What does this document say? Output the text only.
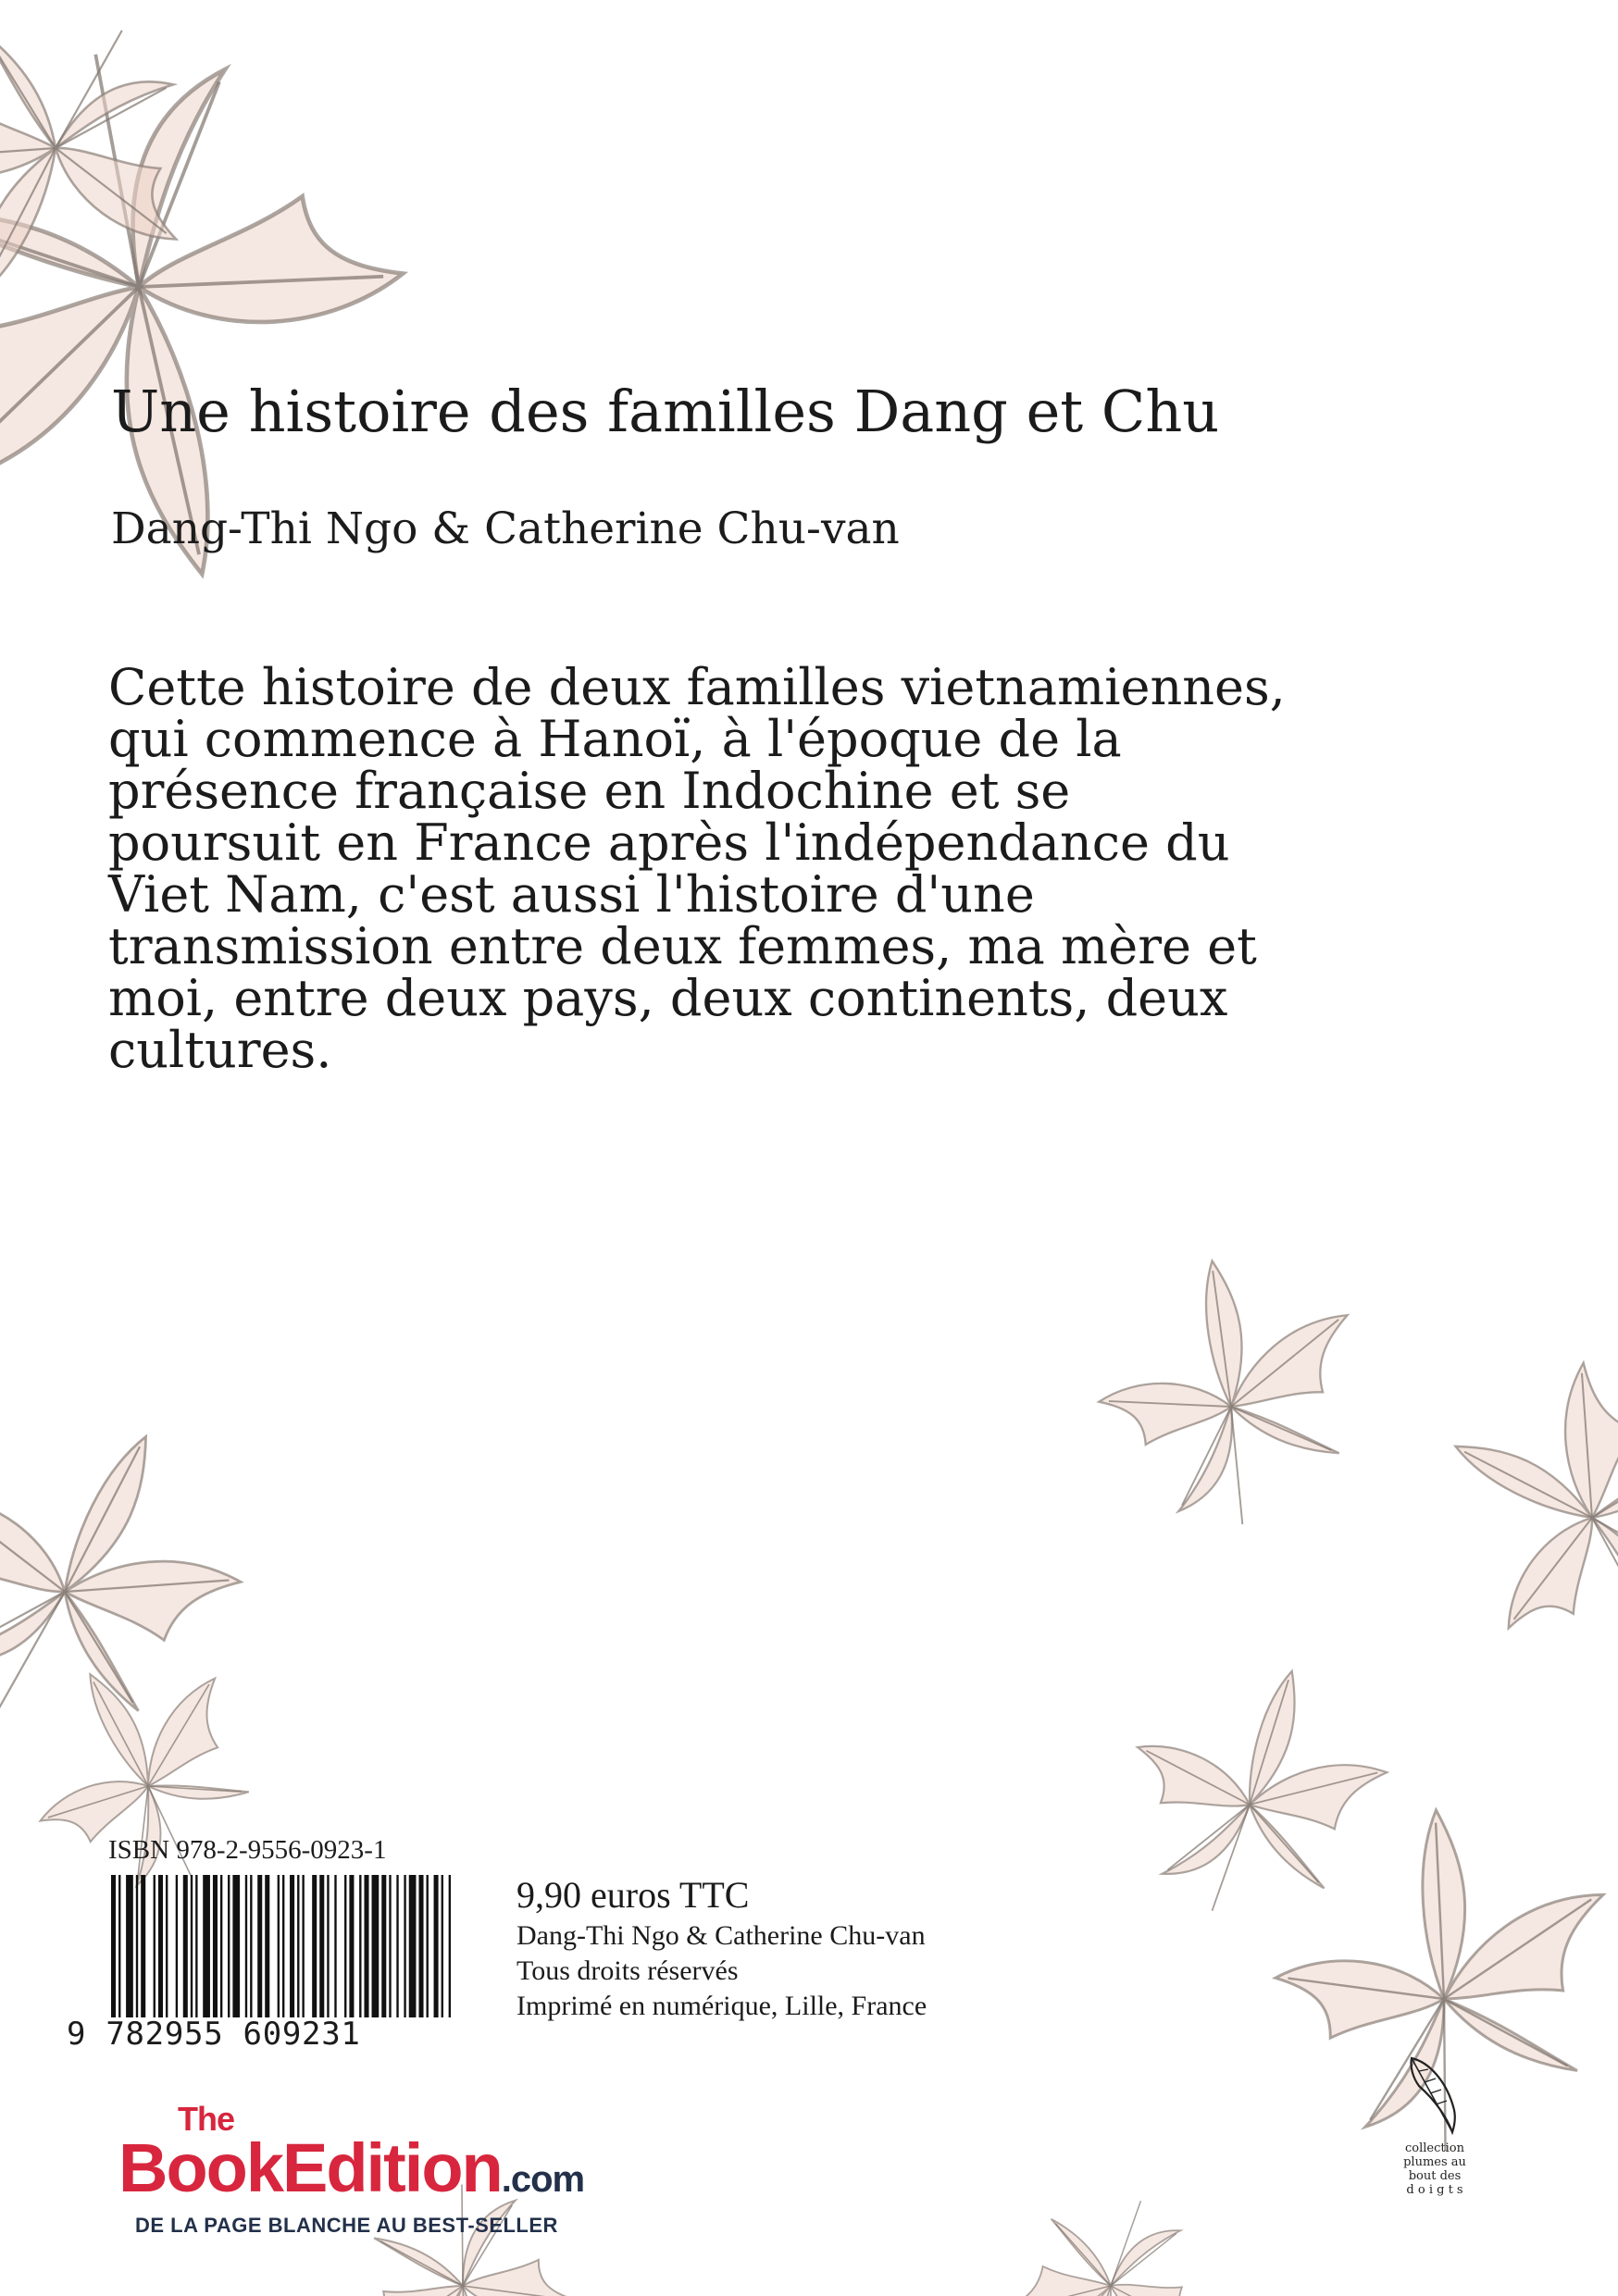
Une histoire des familles Dang et Chu
Dang-Thi Ngo & Catherine Chu-van
Cette histoire de deux familles vietnamiennes,
qui commence à Hanoï, à l'époque de la
présence française en Indochine et se
poursuit en France après l'indépendance du
Viet Nam, c'est aussi l'histoire d'une
transmission entre deux femmes, ma mère et
moi, entre deux pays, deux continents, deux
cultures.
ISBN 978-2-9556-0923-1
9 782955 609231
9,90 euros TTC
Dang-Thi Ngo & Catherine Chu-van
Tous droits réservés
Imprimé en numérique, Lille, France
The
BookEdition.com
DE LA PAGE BLANCHE AU BEST-SELLER
collection
plumes au
bout des
d o i g t s
